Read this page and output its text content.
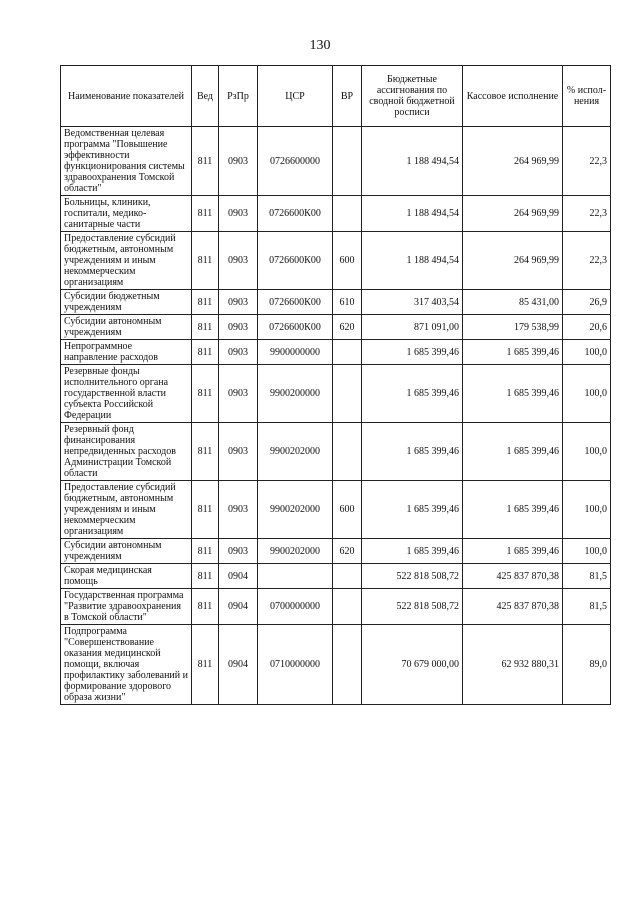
130
Наименование показателей	Вед	РзПр	ЦСР	ВР	Бюджетные ассигнования по сводной бюджетной росписи	Кассовое исполнение	% испол-нения
Ведомственная целевая программа "Повышение эффективности функционирования системы здравоохранения Томской области"	811	0903	0726600000		1 188 494,54	264 969,99	22,3
Больницы, клиники, госпитали, медико-санитарные части	811	0903	0726600К00		1 188 494,54	264 969,99	22,3
Предоставление субсидий бюджетным, автономным учреждениям и иным некоммерческим организациям	811	0903	0726600К00	600	1 188 494,54	264 969,99	22,3
Субсидии бюджетным учреждениям	811	0903	0726600К00	610	317 403,54	85 431,00	26,9
Субсидии автономным учреждениям	811	0903	0726600К00	620	871 091,00	179 538,99	20,6
Непрограммное направление расходов	811	0903	9900000000		1 685 399,46	1 685 399,46	100,0
Резервные фонды исполнительного органа государственной власти субъекта Российской Федерации	811	0903	9900200000		1 685 399,46	1 685 399,46	100,0
Резервный фонд финансирования непредвиденных расходов Администрации Томской области	811	0903	9900202000		1 685 399,46	1 685 399,46	100,0
Предоставление субсидий бюджетным, автономным учреждениям и иным некоммерческим организациям	811	0903	9900202000	600	1 685 399,46	1 685 399,46	100,0
Субсидии автономным учреждениям	811	0903	9900202000	620	1 685 399,46	1 685 399,46	100,0
Скорая медицинская помощь	811	0904			522 818 508,72	425 837 870,38	81,5
Государственная программа "Развитие здравоохранения в Томской области"	811	0904	0700000000		522 818 508,72	425 837 870,38	81,5
Подпрограмма "Совершенствование оказания медицинской помощи, включая профилактику заболеваний и формирование здорового образа жизни"	811	0904	0710000000		70 679 000,00	62 932 880,31	89,0
